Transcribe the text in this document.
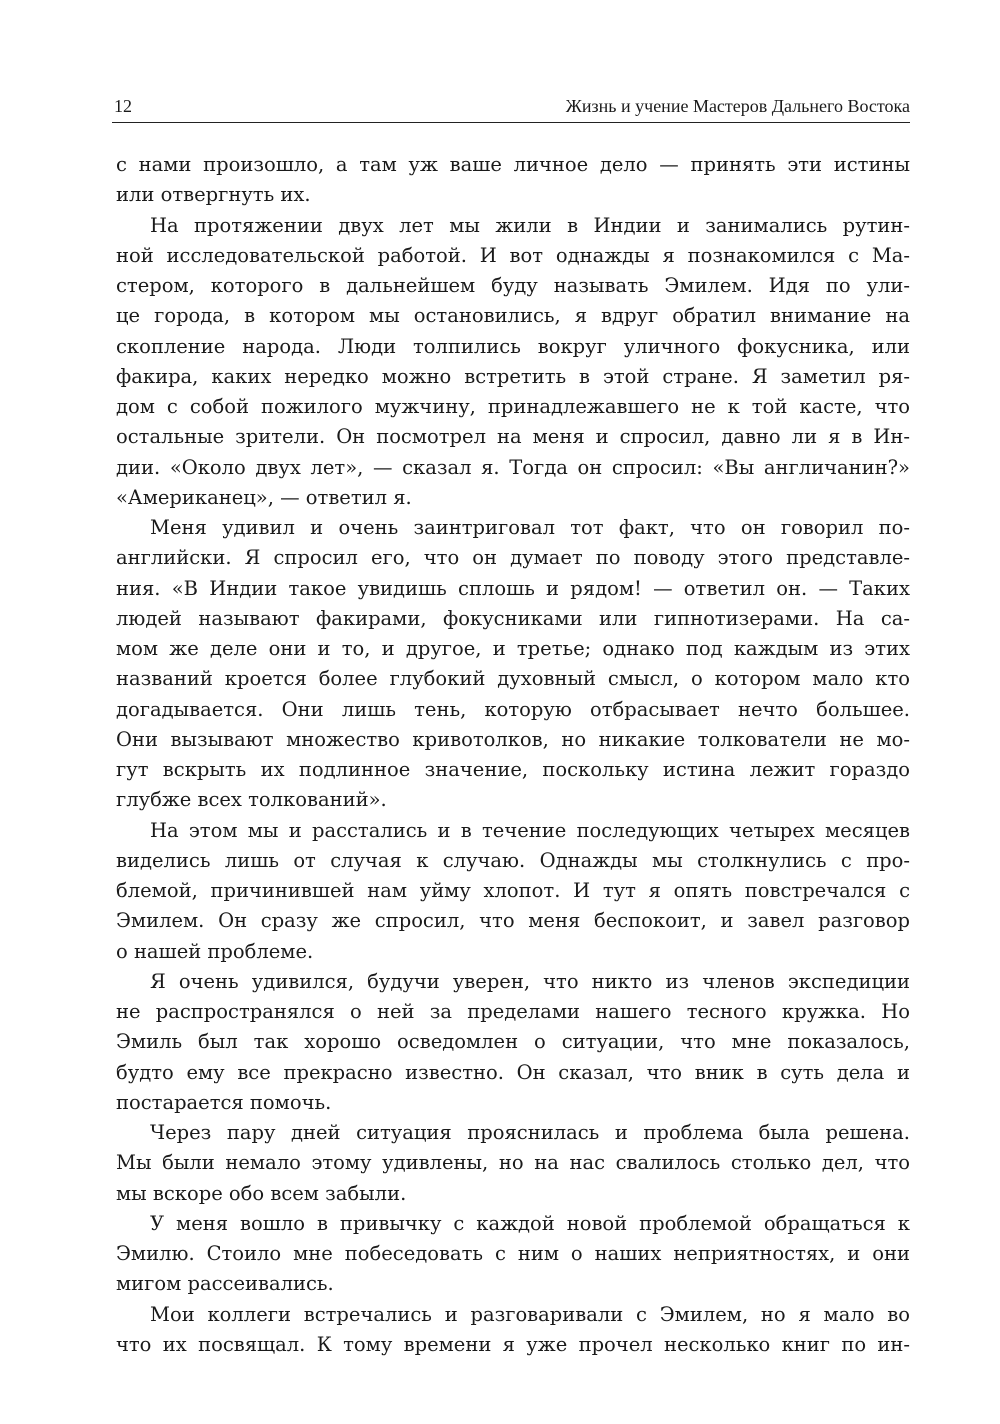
12	Жизнь и учение Мастеров Дальнего Востока
с нами произошло, а там уж ваше личное дело — принять эти истины
или отвергнуть их.
На протяжении двух лет мы жили в Индии и занимались рутин-
ной исследовательской работой. И вот однажды я познакомился с Ма-
стером, которого в дальнейшем буду называть Эмилем. Идя по ули-
це города, в котором мы остановились, я вдруг обратил внимание на
скопление народа. Люди толпились вокруг уличного фокусника, или
факира, каких нередко можно встретить в этой стране. Я заметил ря-
дом с собой пожилого мужчину, принадлежавшего не к той касте, что
остальные зрители. Он посмотрел на меня и спросил, давно ли я в Ин-
дии. «Около двух лет», — сказал я. Тогда он спросил: «Вы англичанин?»
«Американец», — ответил я.
Меня удивил и очень заинтриговал тот факт, что он говорил по-
английски. Я спросил его, что он думает по поводу этого представле-
ния. «В Индии такое увидишь сплошь и рядом! — ответил он. — Таких
людей называют факирами, фокусниками или гипнотизерами. На са-
мом же деле они и то, и другое, и третье; однако под каждым из этих
названий кроется более глубокий духовный смысл, о котором мало кто
догадывается. Они лишь тень, которую отбрасывает нечто большее.
Они вызывают множество кривотолков, но никакие толкователи не мо-
гут вскрыть их подлинное значение, поскольку истина лежит гораздо
глубже всех толкований».
На этом мы и расстались и в течение последующих четырех месяцев
виделись лишь от случая к случаю. Однажды мы столкнулись с про-
блемой, причинившей нам уйму хлопот. И тут я опять повстречался с
Эмилем. Он сразу же спросил, что меня беспокоит, и завел разговор
о нашей проблеме.
Я очень удивился, будучи уверен, что никто из членов экспедиции
не распространялся о ней за пределами нашего тесного кружка. Но
Эмиль был так хорошо осведомлен о ситуации, что мне показалось,
будто ему все прекрасно известно. Он сказал, что вник в суть дела и
постарается помочь.
Через пару дней ситуация прояснилась и проблема была решена.
Мы были немало этому удивлены, но на нас свалилось столько дел, что
мы вскоре обо всем забыли.
У меня вошло в привычку с каждой новой проблемой обращаться к
Эмилю. Стоило мне побеседовать с ним о наших неприятностях, и они
мигом рассеивались.
Мои коллеги встречались и разговаривали с Эмилем, но я мало во
что их посвящал. К тому времени я уже прочел несколько книг по ин-
